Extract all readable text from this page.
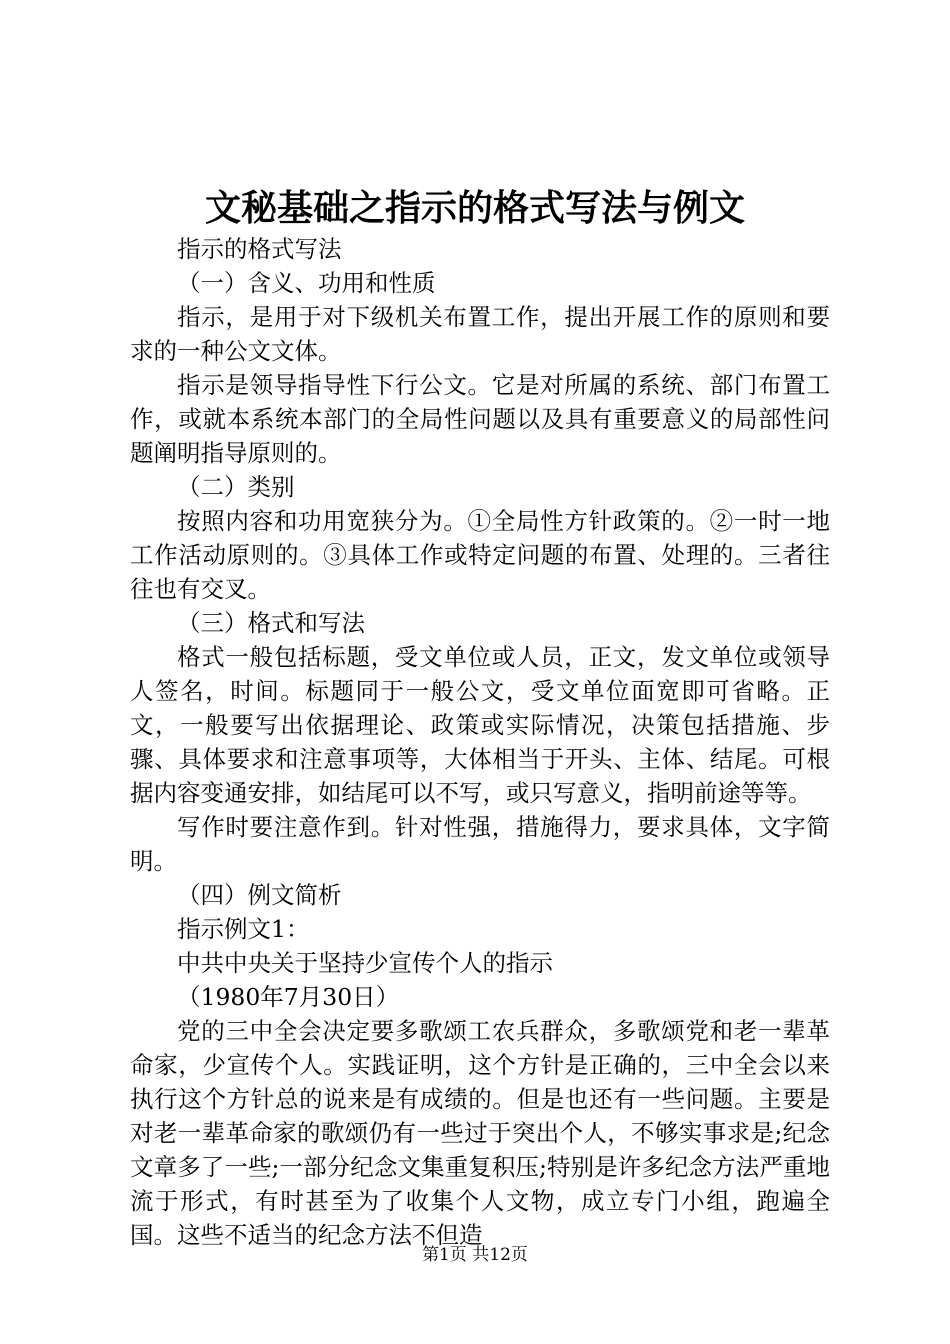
文秘基础之指示的格式写法与例文

指示的格式写法

（一）含义、功用和性质

指示，是用于对下级机关布置工作，提出开展工作的原则和要求的一种公文文体。

指示是领导指导性下行公文。它是对所属的系统、部门布置工作，或就本系统本部门的全局性问题以及具有重要意义的局部性问题阐明指导原则的。

（二）类别

按照内容和功用宽狭分为。①全局性方针政策的。②一时一地工作活动原则的。③具体工作或特定问题的布置、处理的。三者往往也有交叉。

（三）格式和写法

格式一般包括标题，受文单位或人员，正文，发文单位或领导人签名，时间。标题同于一般公文，受文单位面宽即可省略。正文，一般要写出依据理论、政策或实际情况，决策包括措施、步骤、具体要求和注意事项等，大体相当于开头、主体、结尾。可根据内容变通安排，如结尾可以不写，或只写意义，指明前途等等。

写作时要注意作到。针对性强，措施得力，要求具体，文字简明。

（四）例文简析

指示例文1：

中共中央关于坚持少宣传个人的指示

（1980年7月30日）

党的三中全会决定要多歌颂工农兵群众，多歌颂党和老一辈革命家，少宣传个人。实践证明，这个方针是正确的，三中全会以来执行这个方针总的说来是有成绩的。但是也还有一些问题。主要是对老一辈革命家的歌颂仍有一些过于突出个人，不够实事求是;纪念文章多了一些;一部分纪念文集重复积压;特别是许多纪念方法严重地流于形式，有时甚至为了收集个人文物，成立专门小组，跑遍全国。这些不适当的纪念方法不但造

第1页 共12页
